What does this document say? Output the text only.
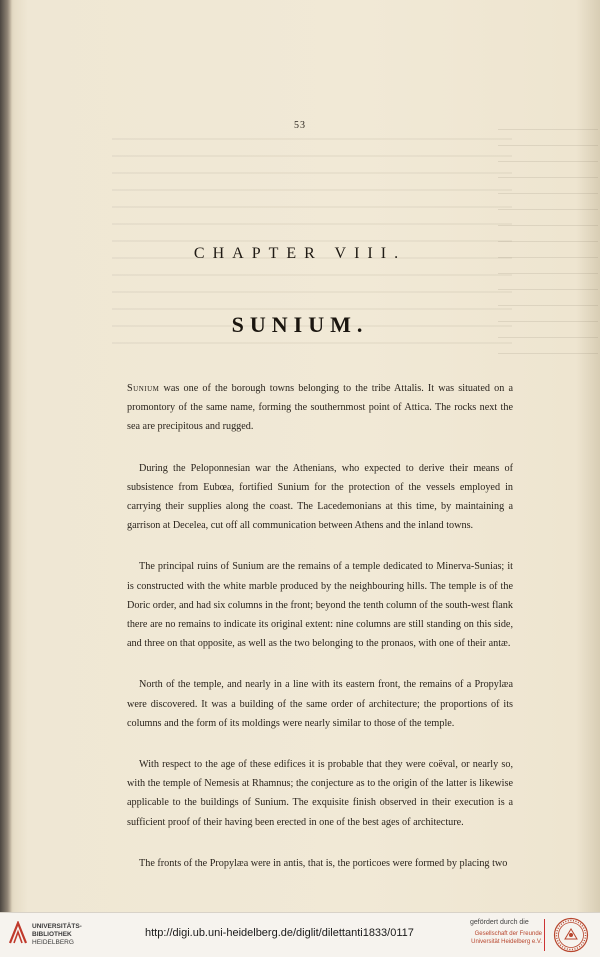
53
CHAPTER VIII.
SUNIUM.

Sunium was one of the borough towns belonging to the tribe Attalis. It was situated on a promontory of the same name, forming the southernmost point of Attica. The rocks next the sea are precipitous and rugged.

During the Peloponnesian war the Athenians, who expected to derive their means of subsistence from Eubœa, fortified Sunium for the protection of the vessels employed in carrying their supplies along the coast. The Lacedemonians at this time, by maintaining a garrison at Decelea, cut off all communication between Athens and the inland towns.

The principal ruins of Sunium are the remains of a temple dedicated to Minerva-Sunias; it is constructed with the white marble produced by the neighbouring hills. The temple is of the Doric order, and had six columns in the front; beyond the tenth column of the south-west flank there are no remains to indicate its original extent: nine columns are still standing on this side, and three on that opposite, as well as the two belonging to the pronaos, with one of their antæ.

North of the temple, and nearly in a line with its eastern front, the remains of a Propylæa were discovered. It was a building of the same order of architecture; the proportions of its columns and the form of its moldings were nearly similar to those of the temple.

With respect to the age of these edifices it is probable that they were coëval, or nearly so, with the temple of Nemesis at Rhamnus; the conjecture as to the origin of the latter is likewise applicable to the buildings of Sunium. The exquisite finish observed in their execution is a sufficient proof of their having been erected in one of the best ages of architecture.

The fronts of the Propylæa were in antis, that is, the porticoes were formed by placing two

UNIVERSITÄTS-
BIBLIOTHEK
HEIDELBERG
http://digi.ub.uni-heidelberg.de/diglit/dilettanti1833/0117
gefördert durch die
Gesellschaft der Freunde
Universität Heidelberg e.V.
